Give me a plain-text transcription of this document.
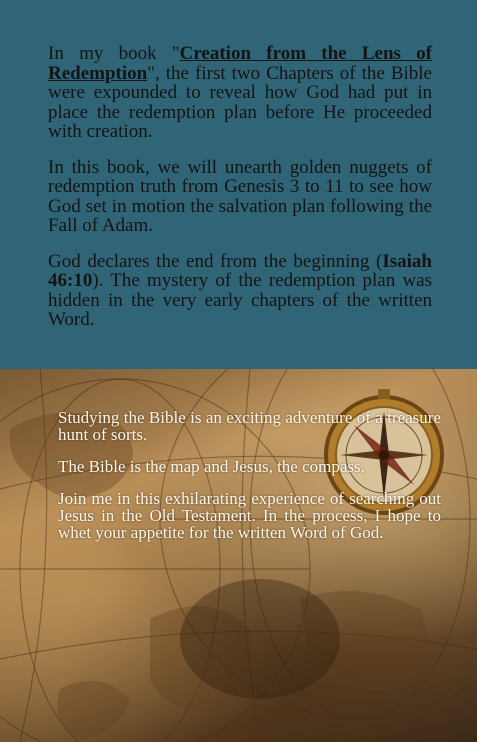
In my book "Creation from the Lens of Redemption", the first two Chapters of the Bible were expounded to reveal how God had put in place the redemption plan before He proceeded with creation.

In this book, we will unearth golden nuggets of redemption truth from Genesis 3 to 11 to see how God set in motion the salvation plan following the Fall of Adam.

God declares the end from the beginning (Isaiah 46:10). The mystery of the redemption plan was hidden in the very early chapters of the written Word.

Studying the Bible is an exciting adventure of a treasure hunt of sorts.

The Bible is the map and Jesus, the compass.

Join me in this exhilarating experience of searching out Jesus in the Old Testament. In the process, I hope to whet your appetite for the written Word of God.
